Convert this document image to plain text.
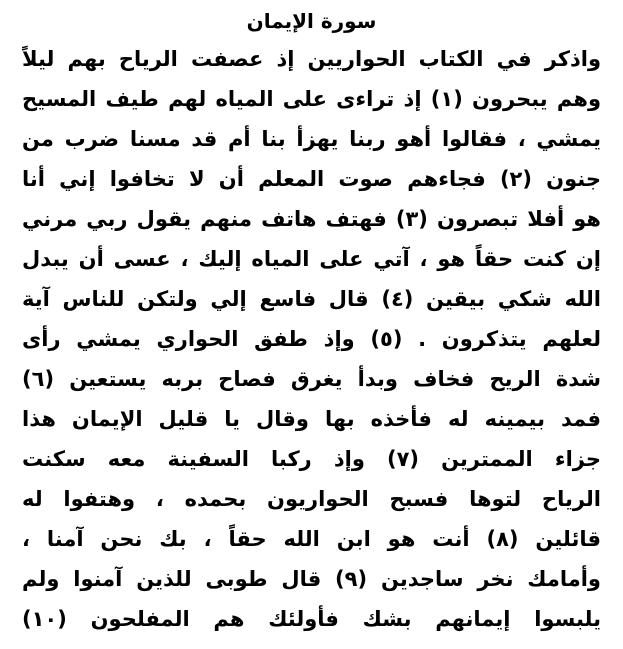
سورة الإيمان
واذكر في الكتاب الحواريين إذ عصفت الرياح بهم ليلاً
وهم يبحرون (١) إذ تراءى على المياه لهم طيف المسيح
يمشي ، فقالوا أهو ربنا يهزأ بنا أم قد مسنا ضرب من
جنون (٢) فجاءهم صوت المعلم أن لا تخافوا إني أنا
هو أفلا تبصرون (٣) فهتف هاتف منهم يقول ربي مرني
إن كنت حقاً هو ، آتي على المياه إليك ، عسى أن يبدل
الله شكي بيقين (٤) قال فاسع إلي ولتكن للناس آية
لعلهم يتذكرون . (٥) وإذ طفق الحواري يمشي رأى
شدة الريح فخاف وبدأ يغرق فصاح بربه يستعين (٦)
فمد بيمينه له فأخذه بها وقال يا قليل الإيمان هذا
جزاء الممترين (٧) وإذ ركبا السفينة معه سكنت
الرياح لتوها فسبح الحواريون بحمده ، وهتفوا له
قائلين (٨) أنت هو ابن الله حقاً ، بك نحن آمنا ،
وأمامك نخر ساجدين (٩) قال طوبى للذين آمنوا ولم
يلبسوا إيمانهم بشك فأولئك هم المفلحون (١٠)
